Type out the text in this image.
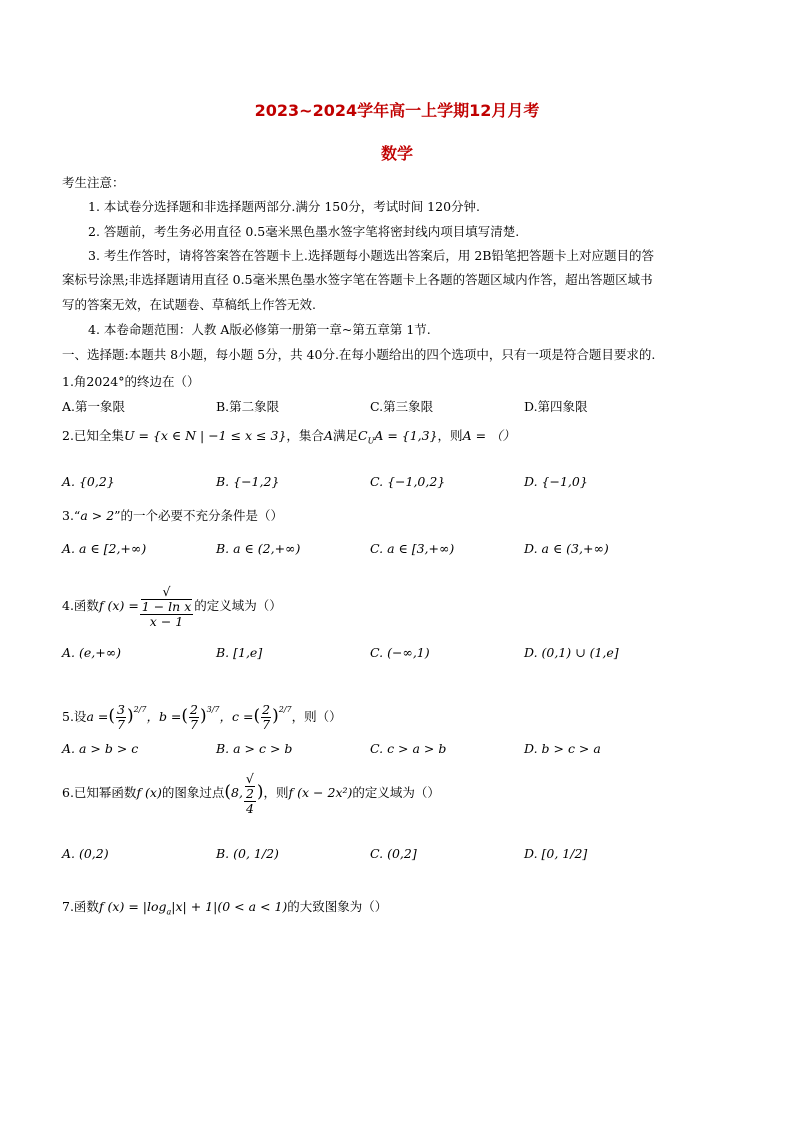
2023~2024学年高一上学期12月月考
数学
考生注意：
1. 本试卷分选择题和非选择题两部分.满分 150分，考试时间 120分钟.
2. 答题前，考生务必用直径 0.5毫米黑色墨水签字笔将密封线内项目填写清楚.
3. 考生作答时，请将答案答在答题卡上.选择题每小题选出答案后，用 2B铅笔把答题卡上对应题目的答
案标号涂黑;非选择题请用直径 0.5毫米黑色墨水签字笔在答题卡上各题的答题区域内作答，超出答题区域书
写的答案无效，在试题卷、草稿纸上作答无效.
4. 本卷命题范围：人教 A版必修第一册第一章~第五章第 1节.
一、选择题:本题共 8小题，每小题 5分，共 40分.在每小题给出的四个选项中，只有一项是符合题目要求的.
1.角2024°的终边在（）
A.第一象限	B.第二象限	C.第三象限	D.第四象限
2.已知全集U = {x ∈ N | −1 ≤ x ≤ 3}，集合A满足$C_UA = \{1,3\}$，则A = （）
A. {0,2}	B. {−1,2}	C. {−1,0,2}	D. {−1,0}
3.“a > 2”的一个必要不充分条件是（）
A. a ∈ [2,+∞)	B. a ∈ (2,+∞)	C. a ∈ [3,+∞)	D. a ∈ (3,+∞)
4.函数f (x) = √
1 − ln x
x − 1 的定义域为（）
A. (e,+∞)	B. [1,e]	C. (−∞,1)	D. (0,1) ∪ (1,e]
5.设a =( $\frac{3}{7} )^{2/7}$，b =( $\frac{2}{7} )^{3/7}$，c =( $\frac{2}{7} )^{2/7}$，则（）
A. a > b > c	B. a > c > b	C. c > a > b	D. b > c > a
6.已知幂函数f (x)的图象过点(8, √
2
4 )，则f (x − 2x²)的定义域为（）
A. (0,2)	B. (0, 1/2)	C. (0,2]	D. [0, 1/2]
7.函数f $(x) = |\log_a|x| + 1|(0 < a < 1)$的大致图象为（）
